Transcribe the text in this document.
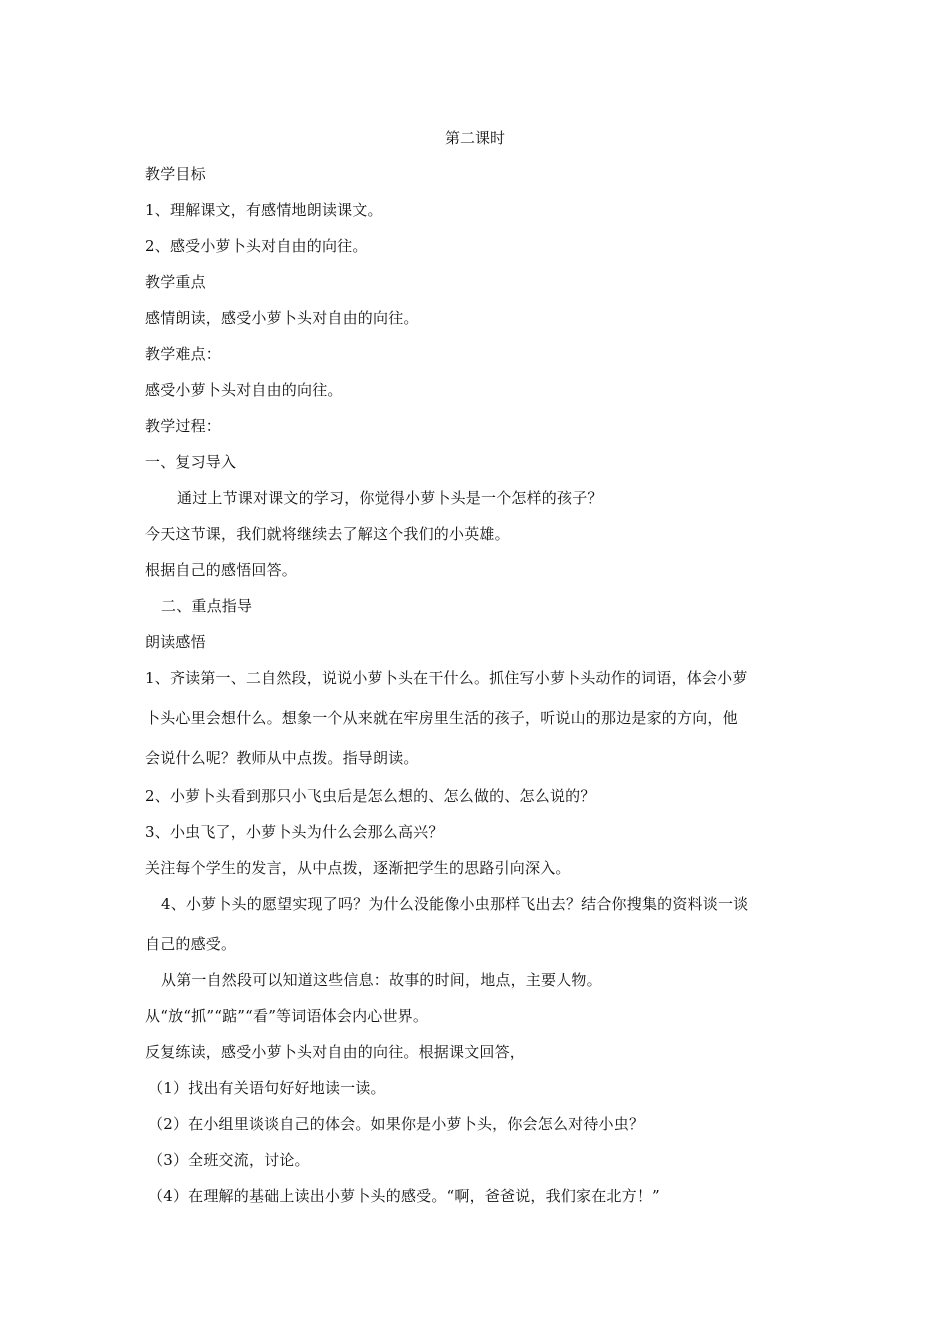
第二课时
教学目标
1、理解课文，有感情地朗读课文。
2、感受小萝卜头对自由的向往。
教学重点
感情朗读，感受小萝卜头对自由的向往。
教学难点：
感受小萝卜头对自由的向往。
教学过程：
一、复习导入
通过上节课对课文的学习，你觉得小萝卜头是一个怎样的孩子？
今天这节课，我们就将继续去了解这个我们的小英雄。
根据自己的感悟回答。
二、重点指导
朗读感悟
1、齐读第一、二自然段，说说小萝卜头在干什么。抓住写小萝卜头动作的词语，体会小萝
卜头心里会想什么。想象一个从来就在牢房里生活的孩子，听说山的那边是家的方向，他
会说什么呢？教师从中点拨。指导朗读。
2、小萝卜头看到那只小飞虫后是怎么想的、怎么做的、怎么说的？
3、小虫飞了，小萝卜头为什么会那么高兴？
关注每个学生的发言，从中点拨，逐渐把学生的思路引向深入。
4、小萝卜头的愿望实现了吗？为什么没能像小虫那样飞出去？结合你搜集的资料谈一谈
自己的感受。
从第一自然段可以知道这些信息：故事的时间，地点，主要人物。
从“放“抓”“踮”“看”等词语体会内心世界。
反复练读，感受小萝卜头对自由的向往。根据课文回答，
（1）找出有关语句好好地读一读。
（2）在小组里谈谈自己的体会。如果你是小萝卜头，你会怎么对待小虫？
（3）全班交流，讨论。
（4）在理解的基础上读出小萝卜头的感受。“啊，爸爸说，我们家在北方！”
